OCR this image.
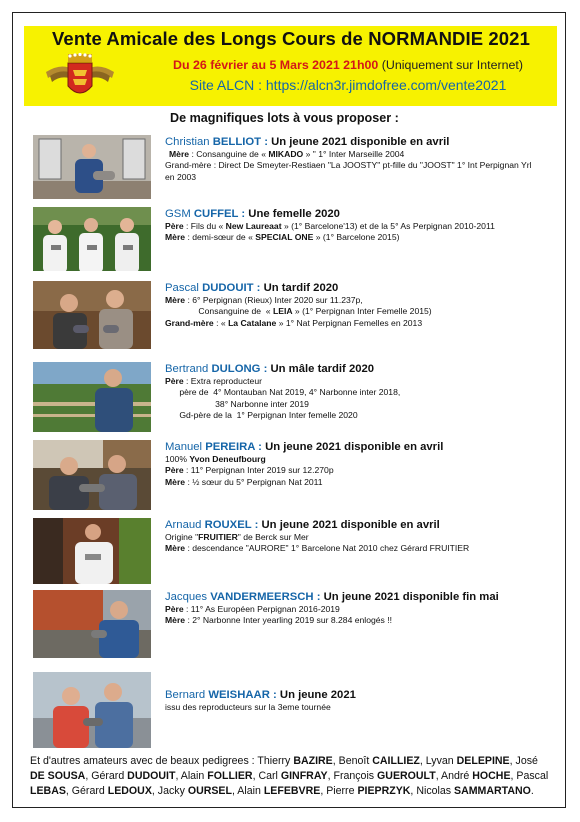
Vente Amicale des Longs Cours de NORMANDIE 2021
Du 26 février au 5 Mars 2021 21h00 (Uniquement sur Internet)
Site ALCN : https://alcn3r.jimdofree.com/vente2021
De magnifiques lots à vous proposer :
Christian BELLIOT : Un jeune 2021 disponible en avril
Mère : Consanguine de « MIKADO » " 1° Inter Marseille 2004
Grand-mère : Direct De Smeyter-Restiaen "La JOOSTY" pt-fille du "JOOST" 1° Int Perpignan Yrl
en 2003
GSM CUFFEL : Une femelle 2020
Père : Fils du « New Laureaat » (1° Barcelone'13) et de la 5° As Perpignan 2010-2011
Mère : demi-sœur de « SPECIAL ONE » (1° Barcelone 2015)
Pascal DUDOUIT : Un tardif 2020
Mère : 6° Perpignan (Rieux) Inter 2020 sur 11.237p,
Consanguine de  « LEIA » (1° Perpignan Inter Femelle 2015)
Grand-mère : « La Catalane » 1° Nat Perpignan Femelles en 2013
Bertrand DULONG : Un mâle tardif 2020
Père : Extra reproducteur
père de  4° Montauban Nat 2019, 4° Narbonne inter 2018,
38° Narbonne inter 2019
Gd-père de la  1° Perpignan Inter femelle 2020
Manuel PEREIRA : Un jeune 2021 disponible en avril
100% Yvon Deneufbourg
Père : 11° Perpignan Inter 2019 sur 12.270p
Mère : ½ sœur du 5° Perpignan Nat 2011
Arnaud ROUXEL : Un jeune 2021 disponible en avril
Origine "FRUITIER" de Berck sur Mer
Mère : descendance "AURORE" 1° Barcelone Nat 2010 chez Gérard FRUITIER
Jacques VANDERMEERSCH : Un jeune 2021 disponible fin mai
Père : 11° As Européen Perpignan 2016-2019
Mère : 2° Narbonne Inter yearling 2019 sur 8.284 enlogés !!
Bernard WEISHAAR : Un jeune 2021
issu des reproducteurs sur la 3eme tournée
Et d'autres amateurs avec de beaux pedigrees : Thierry BAZIRE, Benoît CAILLIEZ, Lyvan DELEPINE, José DE SOUSA, Gérard DUDOUIT, Alain FOLLIER, Carl GINFRAY, François GUEROULT, André HOCHE, Pascal LEBAS, Gérard LEDOUX, Jacky OURSEL, Alain LEFEBVRE, Pierre PIEPRZYK, Nicolas SAMMARTANO.
